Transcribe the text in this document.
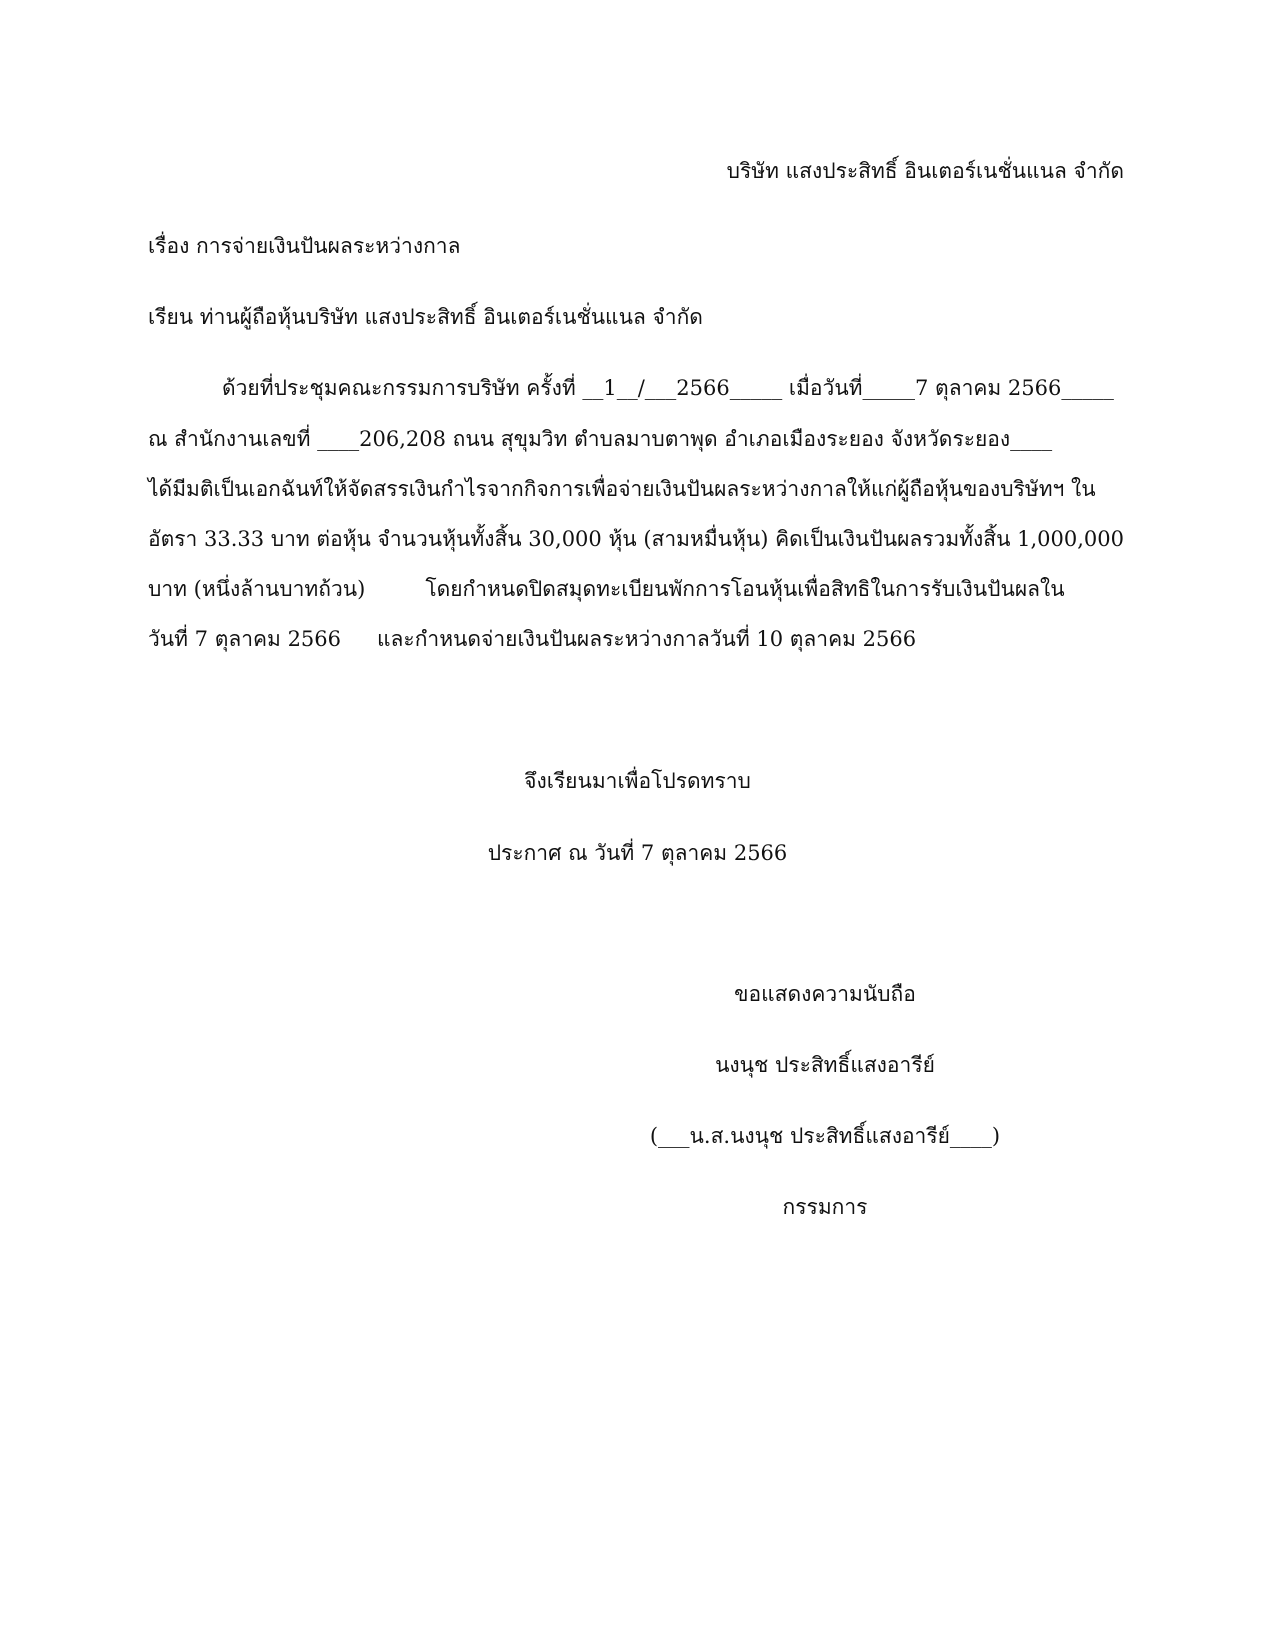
บริษัท แสงประสิทธิ์ อินเตอร์เนชั่นแนล จำกัด
เรื่อง การจ่ายเงินปันผลระหว่างกาล
เรียน ท่านผู้ถือหุ้นบริษัท แสงประสิทธิ์ อินเตอร์เนชั่นแนล จำกัด
ด้วยที่ประชุมคณะกรรมการบริษัท ครั้งที่ __1__/___2566_____ เมื่อวันที่_____7 ตุลาคม 2566_____
ณ สำนักงานเลขที่ ____206,208 ถนน สุขุมวิท ตำบลมาบตาพุด อำเภอเมืองระยอง จังหวัดระยอง____
ได้มีมติเป็นเอกฉันท์ให้จัดสรรเงินกำไรจากกิจการเพื่อจ่ายเงินปันผลระหว่างกาลให้แก่ผู้ถือหุ้นของบริษัทฯ ใน
อัตรา 33.33 บาท ต่อหุ้น จำนวนหุ้นทั้งสิ้น 30,000 หุ้น (สามหมื่นหุ้น) คิดเป็นเงินปันผลรวมทั้งสิ้น 1,000,000
บาท (หนึ่งล้านบาทถ้วน)	โดยกำหนดปิดสมุดทะเบียนพักการโอนหุ้นเพื่อสิทธิในการรับเงินปันผลใน
วันที่ 7 ตุลาคม 2566 และกำหนดจ่ายเงินปันผลระหว่างกาลวันที่ 10 ตุลาคม 2566
จึงเรียนมาเพื่อโปรดทราบ
ประกาศ ณ วันที่ 7 ตุลาคม 2566
ขอแสดงความนับถือ
นงนุช ประสิทธิ์แสงอารีย์
(___น.ส.นงนุช ประสิทธิ์แสงอารีย์____)
กรรมการ
